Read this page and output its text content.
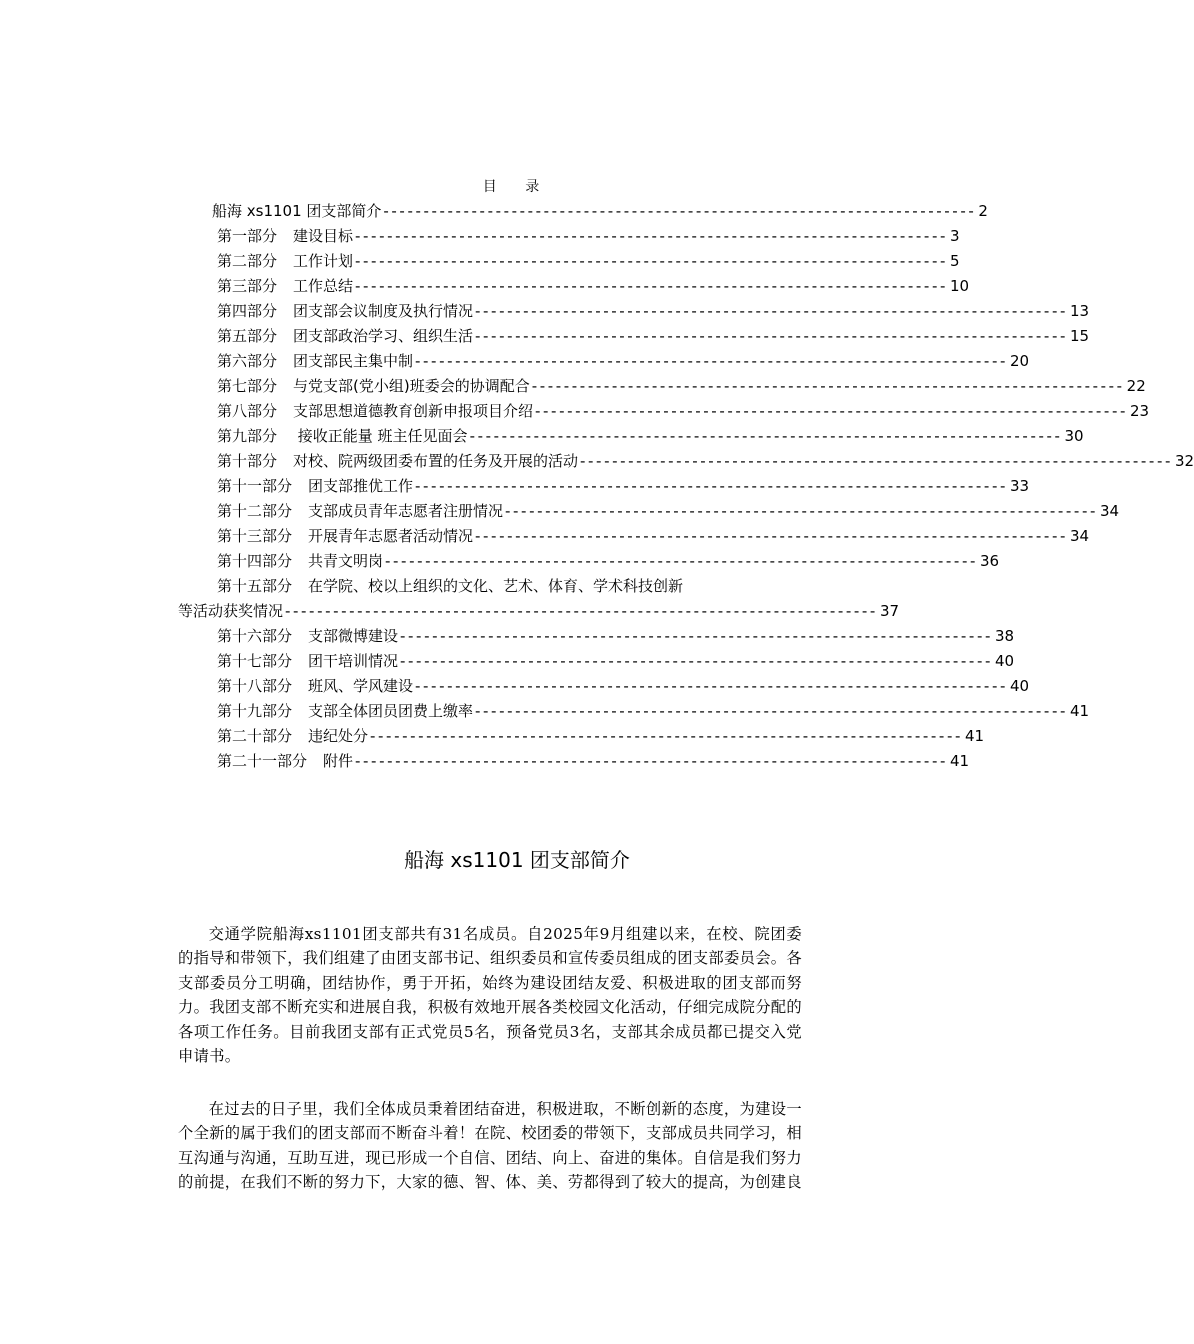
目 录
船海 xs1101 团支部简介 -------------------------------------------------------------------------- 2
第一部分 建设目标 -------------------------------------------------------------------------- 3
第二部分 工作计划 -------------------------------------------------------------------------- 5
第三部分 工作总结 -------------------------------------------------------------------------- 10
第四部分 团支部会议制度及执行情况 -------------------------------------------------------------------------- 13
第五部分 团支部政治学习、组织生活 -------------------------------------------------------------------------- 15
第六部分 团支部民主集中制 -------------------------------------------------------------------------- 20
第七部分 与党支部(党小组)班委会的协调配合 -------------------------------------------------------------------------- 22
第八部分 支部思想道德教育创新申报项目介绍 -------------------------------------------------------------------------- 23
第九部分 接收正能量 班主任见面会 -------------------------------------------------------------------------- 30
第十部分 对校、院两级团委布置的任务及开展的活动 -------------------------------------------------------------------------- 32
第十一部分 团支部推优工作 -------------------------------------------------------------------------- 33
第十二部分 支部成员青年志愿者注册情况 -------------------------------------------------------------------------- 34
第十三部分 开展青年志愿者活动情况 -------------------------------------------------------------------------- 34
第十四部分 共青文明岗 -------------------------------------------------------------------------- 36
第十五部分 在学院、校以上组织的文化、艺术、体育、学术科技创新
等活动获奖情况 -------------------------------------------------------------------------- 37
第十六部分 支部微博建设 -------------------------------------------------------------------------- 38
第十七部分 团干培训情况 -------------------------------------------------------------------------- 40
第十八部分 班风、学风建设 -------------------------------------------------------------------------- 40
第十九部分 支部全体团员团费上缴率 -------------------------------------------------------------------------- 41
第二十部分 违纪处分 -------------------------------------------------------------------------- 41
第二十一部分 附件 -------------------------------------------------------------------------- 41
船海 xs1101 团支部简介

交通学院船海xs1101团支部共有31名成员。自2025年9月组建以来，在校、院团委的指导和带领下，我们组建了由团支部书记、组织委员和宣传委员组成的团支部委员会。各支部委员分工明确，团结协作，勇于开拓，始终为建设团结友爱、积极进取的团支部而努力。我团支部不断充实和进展自我，积极有效地开展各类校园文化活动，仔细完成院分配的各项工作任务。目前我团支部有正式党员5名，预备党员3名，支部其余成员都已提交入党申请书。

在过去的日子里，我们全体成员秉着团结奋进，积极进取，不断创新的态度，为建设一个全新的属于我们的团支部而不断奋斗着！在院、校团委的带领下，支部成员共同学习，相互沟通与沟通，互助互进，现已形成一个自信、团结、向上、奋进的集体。自信是我们努力的前提，在我们不断的努力下，大家的德、智、体、美、劳都得到了较大的提高，为创建良
